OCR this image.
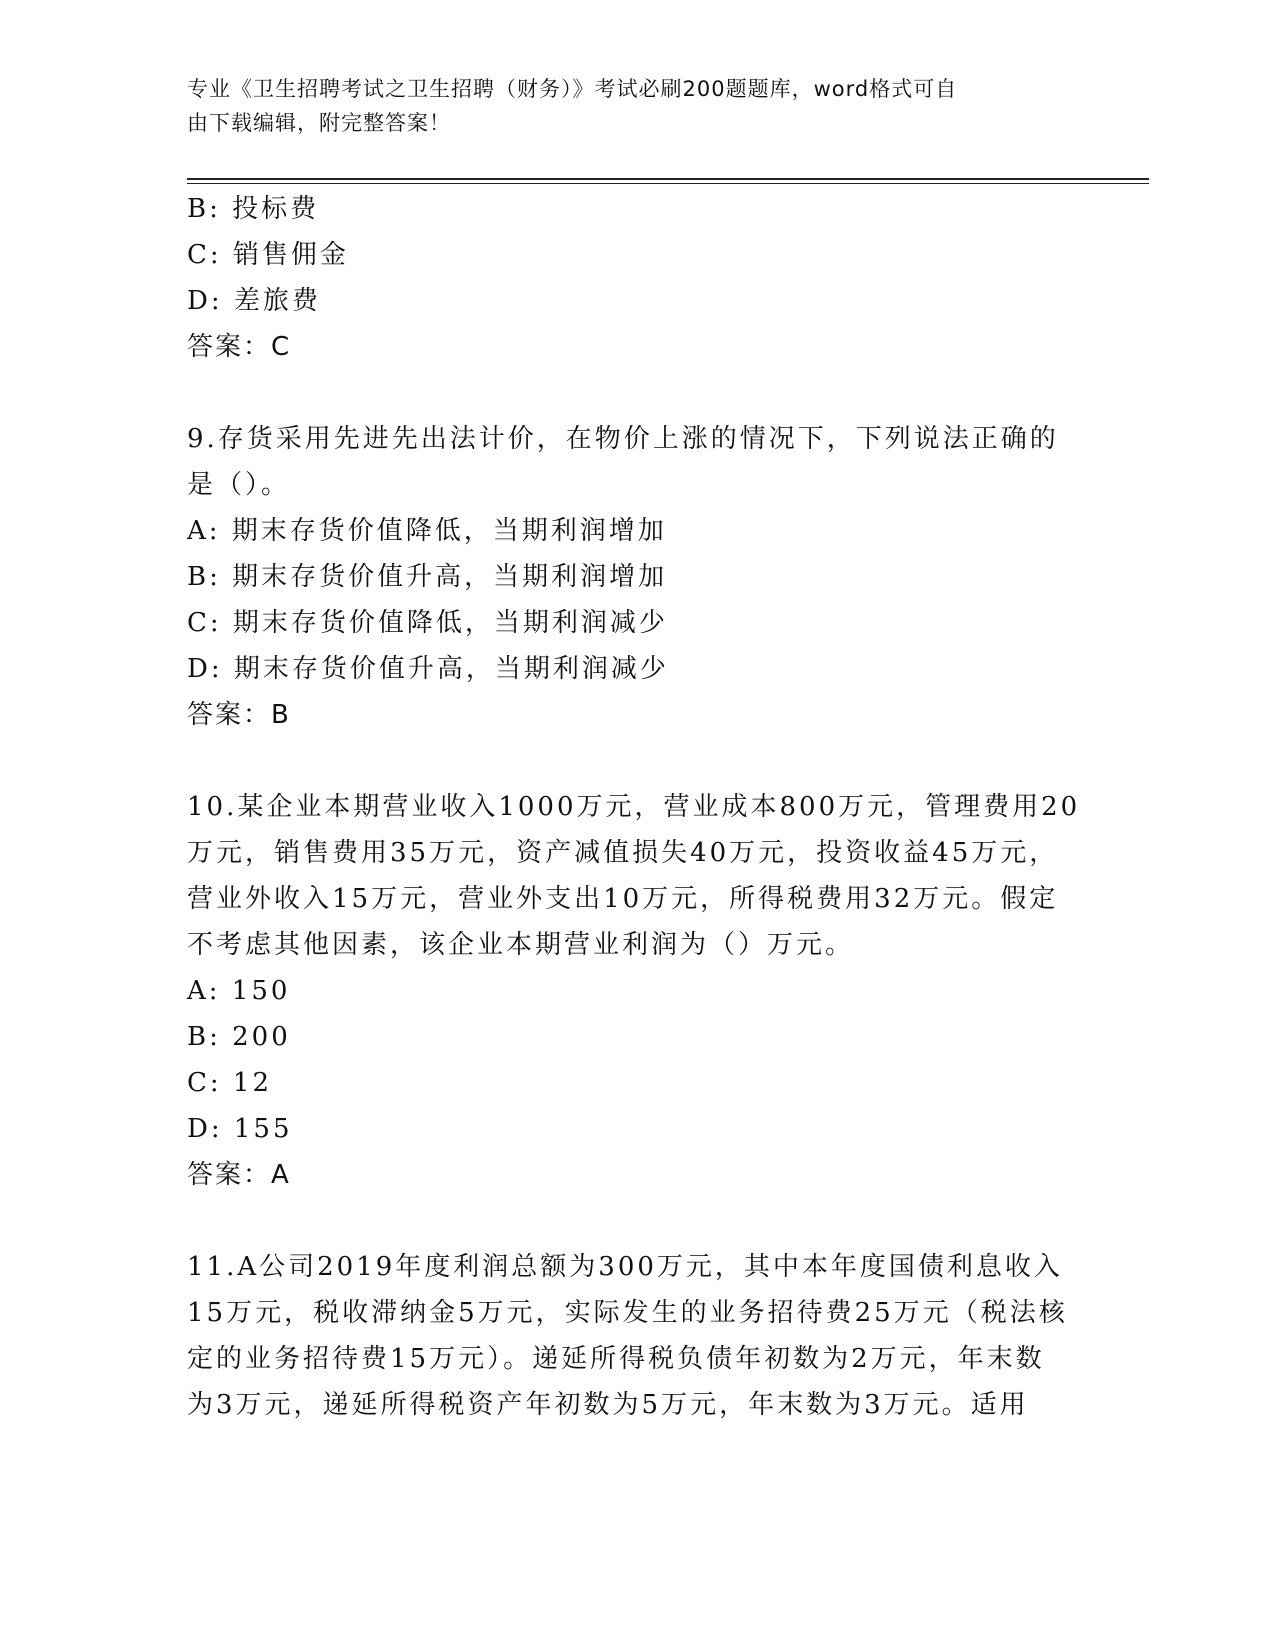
专业《卫生招聘考试之卫生招聘（财务）》考试必刷200题题库，word格式可自
由下载编辑，附完整答案！
B: 投标费
C: 销售佣金
D: 差旅费
答案：C
9.存货采用先进先出法计价，在物价上涨的情况下，下列说法正确的
是（）。
A: 期末存货价值降低，当期利润增加
B: 期末存货价值升高，当期利润增加
C: 期末存货价值降低，当期利润减少
D: 期末存货价值升高，当期利润减少
答案：B
10.某企业本期营业收入1000万元，营业成本800万元，管理费用20
万元，销售费用35万元，资产减值损失40万元，投资收益45万元，
营业外收入15万元，营业外支出10万元，所得税费用32万元。假定
不考虑其他因素，该企业本期营业利润为（）万元。
A: 150
B: 200
C: 12
D: 155
答案：A
11.A公司2019年度利润总额为300万元，其中本年度国债利息收入
15万元，税收滞纳金5万元，实际发生的业务招待费25万元（税法核
定的业务招待费15万元）。递延所得税负债年初数为2万元，年末数
为3万元，递延所得税资产年初数为5万元，年末数为3万元。适用
